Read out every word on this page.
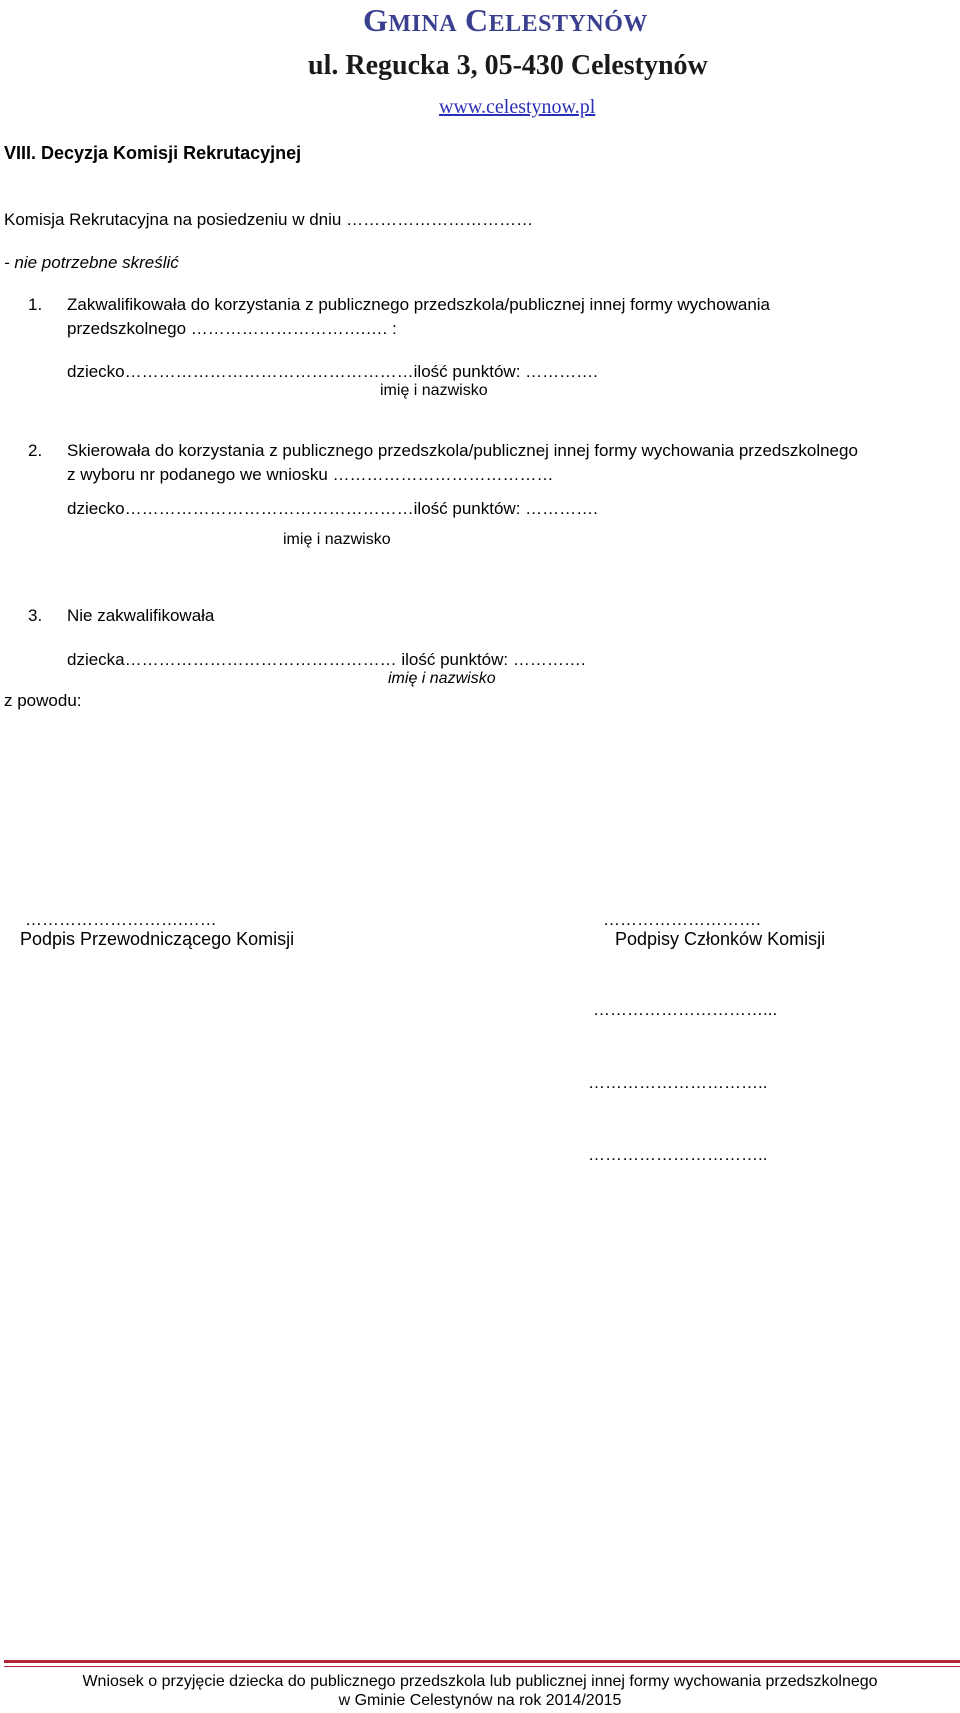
GMINA CELESTYNÓW
ul. Regucka 3, 05-430 Celestynów
www.celestynow.pl
VIII. Decyzja Komisji Rekrutacyjnej
Komisja Rekrutacyjna na posiedzeniu w dniu ……………………………
- nie potrzebne skreślić
1. Zakwalifikowała do korzystania z publicznego przedszkola/publicznej innej formy wychowania
przedszkolnego ………………………….…. :
dziecko……………………………………………ilość punktów: ………….
imię i nazwisko
2. Skierowała do korzystania z publicznego przedszkola/publicznej innej formy wychowania przedszkolnego
z wyboru nr podanego we wniosku …………………………………
dziecko……………………………………………ilość punktów: ………….
imię i nazwisko
3. Nie zakwalifikowała
dziecka………………………………………… ilość punktów: ………….
imię i nazwisko
z powodu:
……………………….……
Podpis Przewodniczącego Komisji
……………………….
Podpisy Członków Komisji
…………………………...
…………………………..
…………………………..
Wniosek o przyjęcie dziecka do publicznego przedszkola lub publicznej innej formy wychowania przedszkolnego
w Gminie Celestynów na rok 2014/2015
